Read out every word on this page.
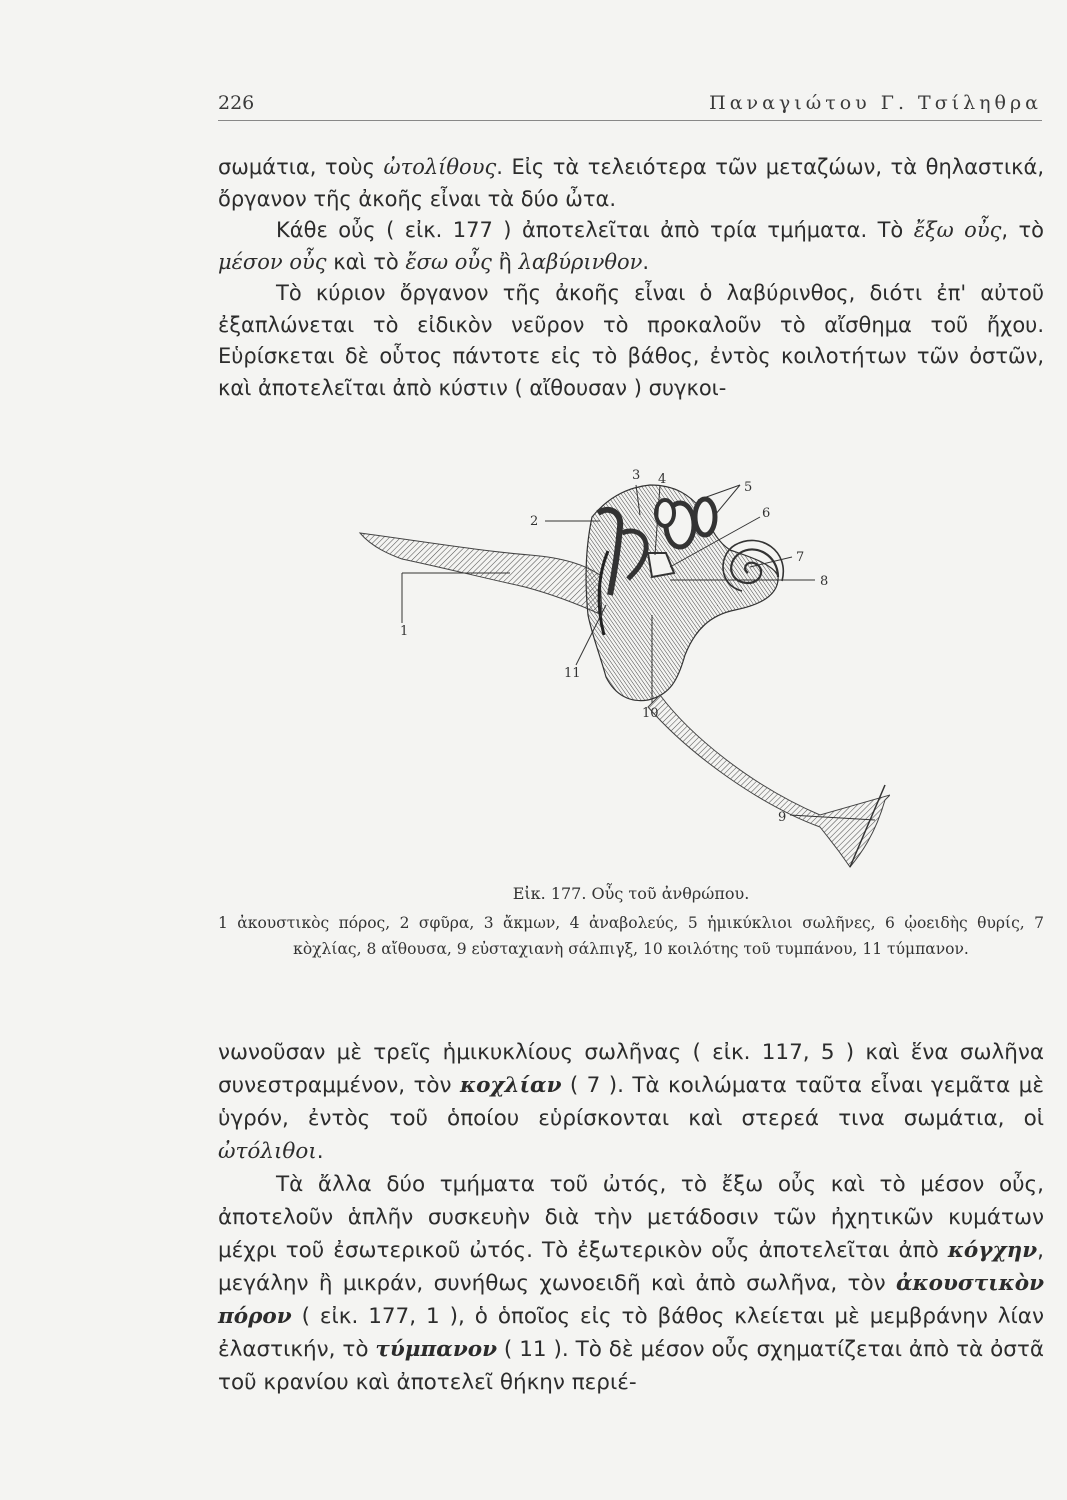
226	Παναγιώτου Γ. Τσίληθρα

σωμάτια, τοὺς ὠτολίθους. Εἰς τὰ τελειότερα τῶν μεταζώων, τὰ θηλαστικά, ὄργανον τῆς ἀκοῆς εἶναι τὰ δύο ὦτα.

Κάθε οὖς ( εἰκ. 177 ) ἀποτελεῖται ἀπὸ τρία τμήματα. Τὸ ἔξω οὖς, τὸ μέσον οὖς καὶ τὸ ἔσω οὖς ἢ λαβύρινθον.

Τὸ κύριον ὄργανον τῆς ἀκοῆς εἶναι ὁ λαβύρινθος, διότι ἐπ' αὐτοῦ ἐξαπλώνεται τὸ εἰδικὸν νεῦρον τὸ προκαλοῦν τὸ αἴσθημα τοῦ ἤχου. Εὑρίσκεται δὲ οὗτος πάντοτε εἰς τὸ βάθος, ἐντὸς κοιλοτήτων τῶν ὀστῶν, καὶ ἀποτελεῖται ἀπὸ κύστιν ( αἴθουσαν ) συγκοι-

1
2
3 4
5
6
7
8
9
10
11
Εἰκ. 177. Οὖς τοῦ ἀνθρώπου.
1 ἀκουστικὸς πόρος, 2 σφῦρα, 3 ἄκμων, 4 ἀναβολεύς, 5 ἡμικύκλιοι σωλῆνες, 6 ᾠοειδὴς θυρίς, 7 κὸχλίας, 8 αἴθουσα, 9 εὐσταχιανὴ σάλπιγξ, 10 κοιλότης τοῦ τυμπάνου, 11 τύμπανον.

νωνοῦσαν μὲ τρεῖς ἡμικυκλίους σωλῆνας ( εἰκ. 117, 5 ) καὶ ἕνα σωλῆνα συνεστραμμένον, τὸν κοχλίαν ( 7 ). Τὰ κοιλώματα ταῦτα εἶναι γεμᾶτα μὲ ὑγρόν, ἐντὸς τοῦ ὁποίου εὑρίσκονται καὶ στερεά τινα σωμάτια, οἱ ὠτόλιθοι.

Τὰ ἄλλα δύο τμήματα τοῦ ὠτός, τὸ ἔξω οὖς καὶ τὸ μέσον οὖς, ἀποτελοῦν ἁπλῆν συσκευὴν διὰ τὴν μετάδοσιν τῶν ἠχητικῶν κυμάτων μέχρι τοῦ ἐσωτερικοῦ ὠτός. Τὸ ἐξωτερικὸν οὖς ἀποτελεῖται ἀπὸ κόγχην, μεγάλην ἢ μικράν, συνήθως χωνοειδῆ καὶ ἀπὸ σωλῆνα, τὸν ἀκουστικὸν πόρον ( εἰκ. 177, 1 ), ὁ ὁποῖος εἰς τὸ βάθος κλείεται μὲ μεμβράνην λίαν ἐλαστικήν, τὸ τύμπανον ( 11 ). Τὸ δὲ μέσον οὖς σχηματίζεται ἀπὸ τὰ ὀστᾶ τοῦ κρανίου καὶ ἀποτελεῖ θήκην περιέ-
